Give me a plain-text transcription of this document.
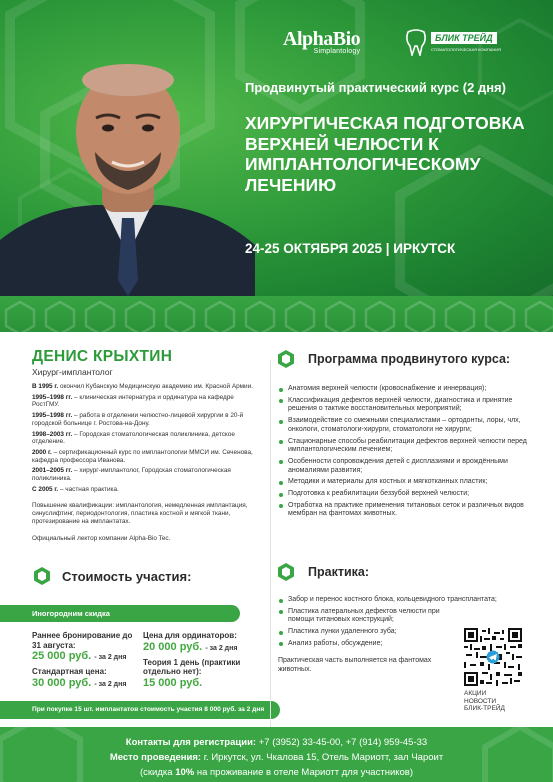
AlphaBio
Simplantology
БЛИК ТРЕЙД
СТОМАТОЛОГИЧЕСКАЯ КОМПАНИЯ
Продвинутый практический курс (2 дня)
ХИРУРГИЧЕСКАЯ ПОДГОТОВКА ВЕРХНЕЙ ЧЕЛЮСТИ К ИМПЛАНТОЛОГИЧЕСКОМУ ЛЕЧЕНИЮ
24-25 ОКТЯБРЯ 2025 | ИРКУТСК
ДЕНИС КРЫХТИН
Хирург-имплантолог

В 1995 г. окончил Кубанскую Медицинскую академию им. Красной Армии.

1995–1998 гг. – клиническая интернатура и ординатура на кафедре РостГМУ.

1995–1998 гг. – работа в отделении челюстно-лицевой хирургии в 20-й городской больнице г. Ростова-на-Дону.

1998–2003 гг. – Городская стоматологическая поликлиника, детское отделение.

2000 г. – сертификационный курс по имплантологии ММСИ им. Сеченова, кафедра профессора Иванова.

2001–2005 гг. – хирург-имплантолог, Городская стоматологическая поликлиника.

С 2005 г. – частная практика.

Повышение квалификации: имплантология, немедленная имплантация, синуслифтинг, периодонтология, пластика костной и мягкой ткани, протезирование на имплантатах.

Официальный лектор компании Alpha-Bio Tec.

Стоимость участия:
Иногородним скидка
Раннее бронирование до 31 августа:
25 000 руб. - за 2 дня
Стандартная цена:
30 000 руб. - за 2 дня
Цена для ординаторов:
20 000 руб. - за 2 дня
Теория 1 день (практики отдельно нет):
15 000 руб.
При покупке 15 шт. имплантатов стоимость участия 8 000 руб. за 2 дня
Программа продвинутого курса:
Анатомия верхней челюсти (кровоснабжение и иннервация);
Классификация дефектов верхней челюсти, диагностика и принятие решения о тактике восстановительных мероприятий;
Взаимодействие со смежными специалистами – ортодонты, лоры, члх, онкологи, стоматологи-хирурги, стоматологи не хирурги;
Стационарные способы реабилитации дефектов верхней челюсти перед имплантологическим лечением;
Особенности сопровождения детей с дисплазиями и врождёнными аномалиями развития;
Методики и материалы для костных и мягкотканных пластик;
Подготовка к реабилитации беззубой верхней челюсти;
Отработка на практике применения титановых сеток и различных видов мембран на фантомах животных.
Практика:
Забор и перенос костного блока, кольцевидного трансплантата;
Пластика латеральных дефектов челюсти при помощи титановых конструкций;
Пластика лунки удаленного зуба;
Анализ работы, обсуждение;
Практическая часть выполняется на фантомах животных.
АКЦИИ
НОВОСТИ
БЛИК-ТРЕЙД
Контакты для регистрации: +7 (3952) 33-45-00, +7 (914) 959-45-33
Место проведения: г. Иркутск, ул. Чкалова 15, Отель Мариотт, зал Чароит
(скидка 10% на проживание в отеле Мариотт для участников)
